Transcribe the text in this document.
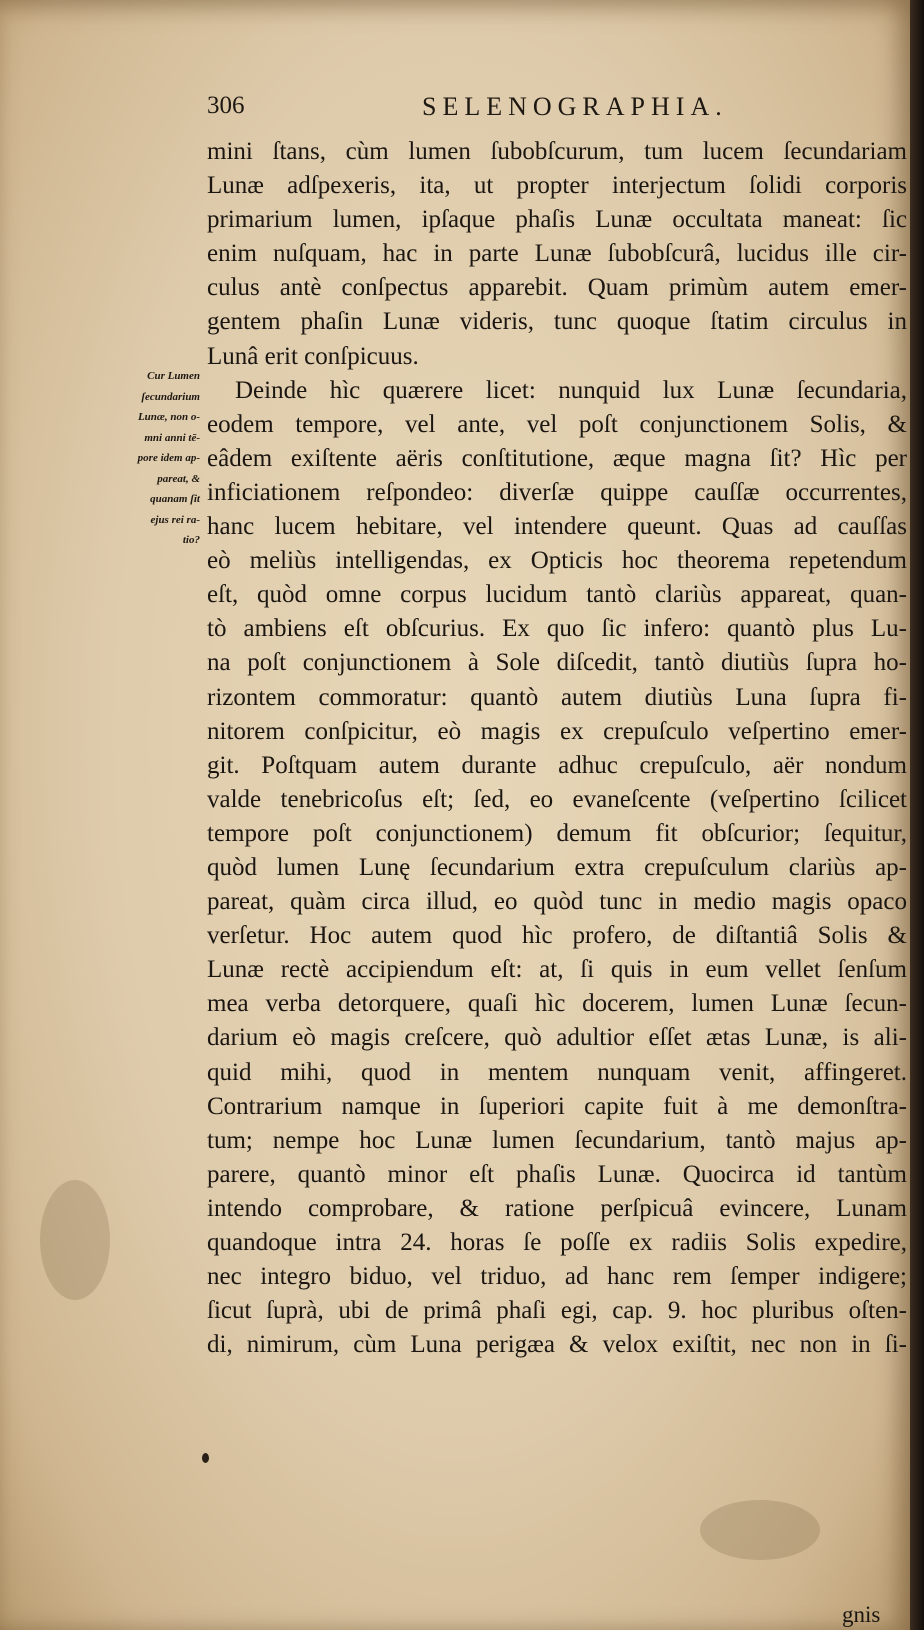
306	SELENOGRAPHIA.
Cur Lumen
ſecundarium
Lunæ, non o-
mni anni tē-
pore idem ap-
pareat, &
quanam ſit
ejus rei ra-
tio?
mini ſtans, cùm lumen ſubobſcurum, tum lucem ſecundariam
Lunæ adſpexeris, ita, ut propter interjectum ſolidi corporis
primarium lumen, ipſaque phaſis Lunæ occultata maneat: ſic
enim nuſquam, hac in parte Lunæ ſubobſcurâ, lucidus ille cir-
culus antè conſpectus apparebit. Quam primùm autem emer-
gentem phaſin Lunæ videris, tunc quoque ſtatim circulus in
Lunâ erit conſpicuus.
Deinde hìc quærere licet: nunquid lux Lunæ ſecundaria,
eodem tempore, vel ante, vel poſt conjunctionem Solis, &
eâdem exiſtente aëris conſtitutione, æque magna ſit? Hìc per
inficiationem reſpondeo: diverſæ quippe cauſſæ occurrentes,
hanc lucem hebitare, vel intendere queunt. Quas ad cauſſas
eò meliùs intelligendas, ex Opticis hoc theorema repetendum
eſt, quòd omne corpus lucidum tantò clariùs appareat, quan-
tò ambiens eſt obſcurius. Ex quo ſic infero: quantò plus Lu-
na poſt conjunctionem à Sole diſcedit, tantò diutiùs ſupra ho-
rizontem commoratur: quantò autem diutiùs Luna ſupra fi-
nitorem conſpicitur, eò magis ex crepuſculo veſpertino emer-
git. Poſtquam autem durante adhuc crepuſculo, aër nondum
valde tenebricoſus eſt; ſed, eo evaneſcente (veſpertino ſcilicet
tempore poſt conjunctionem) demum fit obſcurior; ſequitur,
quòd lumen Lunę ſecundarium extra crepuſculum clariùs ap-
pareat, quàm circa illud, eo quòd tunc in medio magis opaco
verſetur. Hoc autem quod hìc profero, de diſtantiâ Solis &
Lunæ rectè accipiendum eſt: at, ſi quis in eum vellet ſenſum
mea verba detorquere, quaſi hìc docerem, lumen Lunæ ſecun-
darium eò magis creſcere, quò adultior eſſet ætas Lunæ, is ali-
quid mihi, quod in mentem nunquam venit, affingeret.
Contrarium namque in ſuperiori capite fuit à me demonſtra-
tum; nempe hoc Lunæ lumen ſecundarium, tantò majus ap-
parere, quantò minor eſt phaſis Lunæ. Quocirca id tantùm
intendo comprobare, & ratione perſpicuâ evincere, Lunam
quandoque intra 24. horas ſe poſſe ex radiis Solis expedire,
nec integro biduo, vel triduo, ad hanc rem ſemper indigere;
ſicut ſuprà, ubi de primâ phaſi egi, cap. 9. hoc pluribus oſten-
di, nimirum, cùm Luna perigæa & velox exiſtit, nec non in ſi-
gnis
